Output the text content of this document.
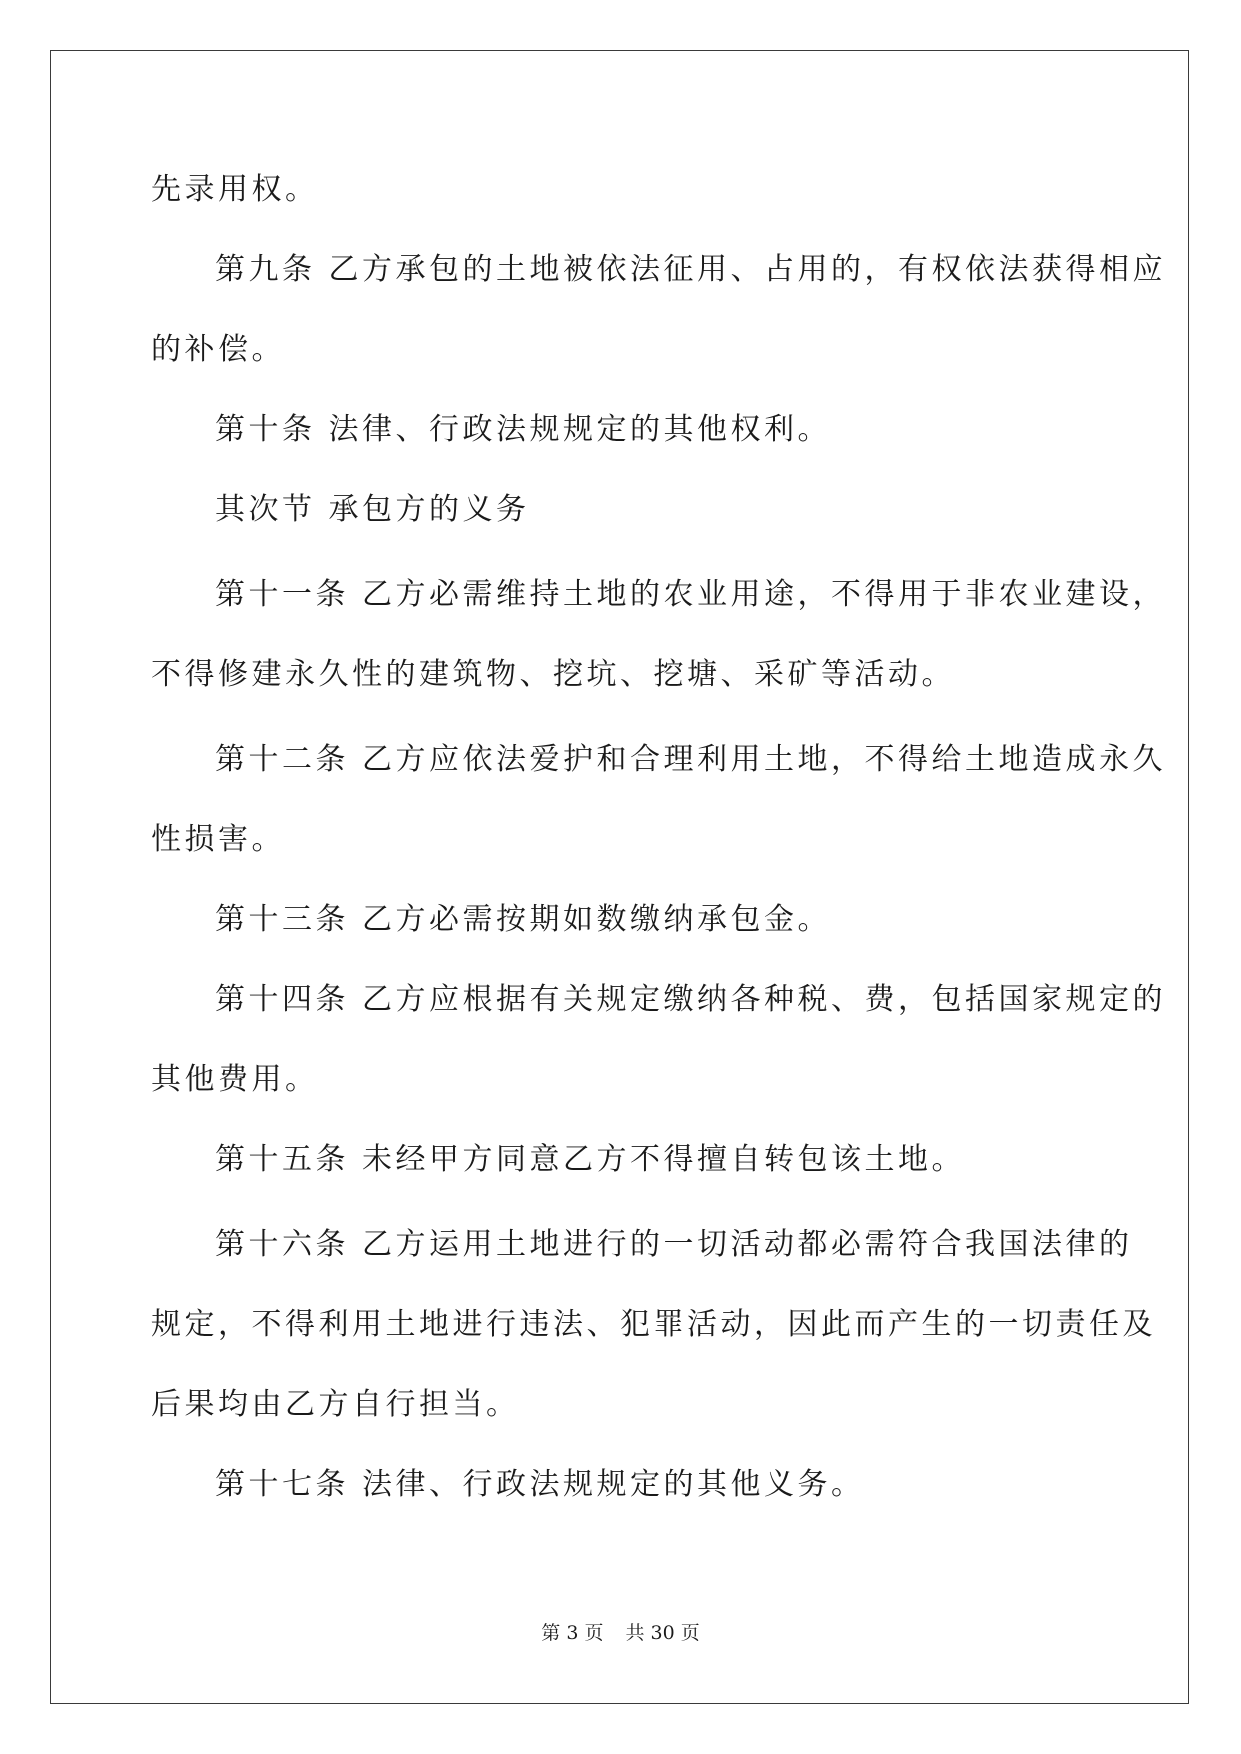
先录用权。

第九条 乙方承包的土地被依法征用、占用的，有权依法获得相应

的补偿。

第十条 法律、行政法规规定的其他权利。

其次节 承包方的义务

第十一条 乙方必需维持土地的农业用途，不得用于非农业建设，

不得修建永久性的建筑物、挖坑、挖塘、采矿等活动。

第十二条 乙方应依法爱护和合理利用土地，不得给土地造成永久

性损害。

第十三条 乙方必需按期如数缴纳承包金。

第十四条 乙方应根据有关规定缴纳各种税、费，包括国家规定的

其他费用。

第十五条 未经甲方同意乙方不得擅自转包该土地。

第十六条 乙方运用土地进行的一切活动都必需符合我国法律的

规定，不得利用土地进行违法、犯罪活动，因此而产生的一切责任及

后果均由乙方自行担当。

第十七条 法律、行政法规规定的其他义务。

第 3 页 共 30 页
